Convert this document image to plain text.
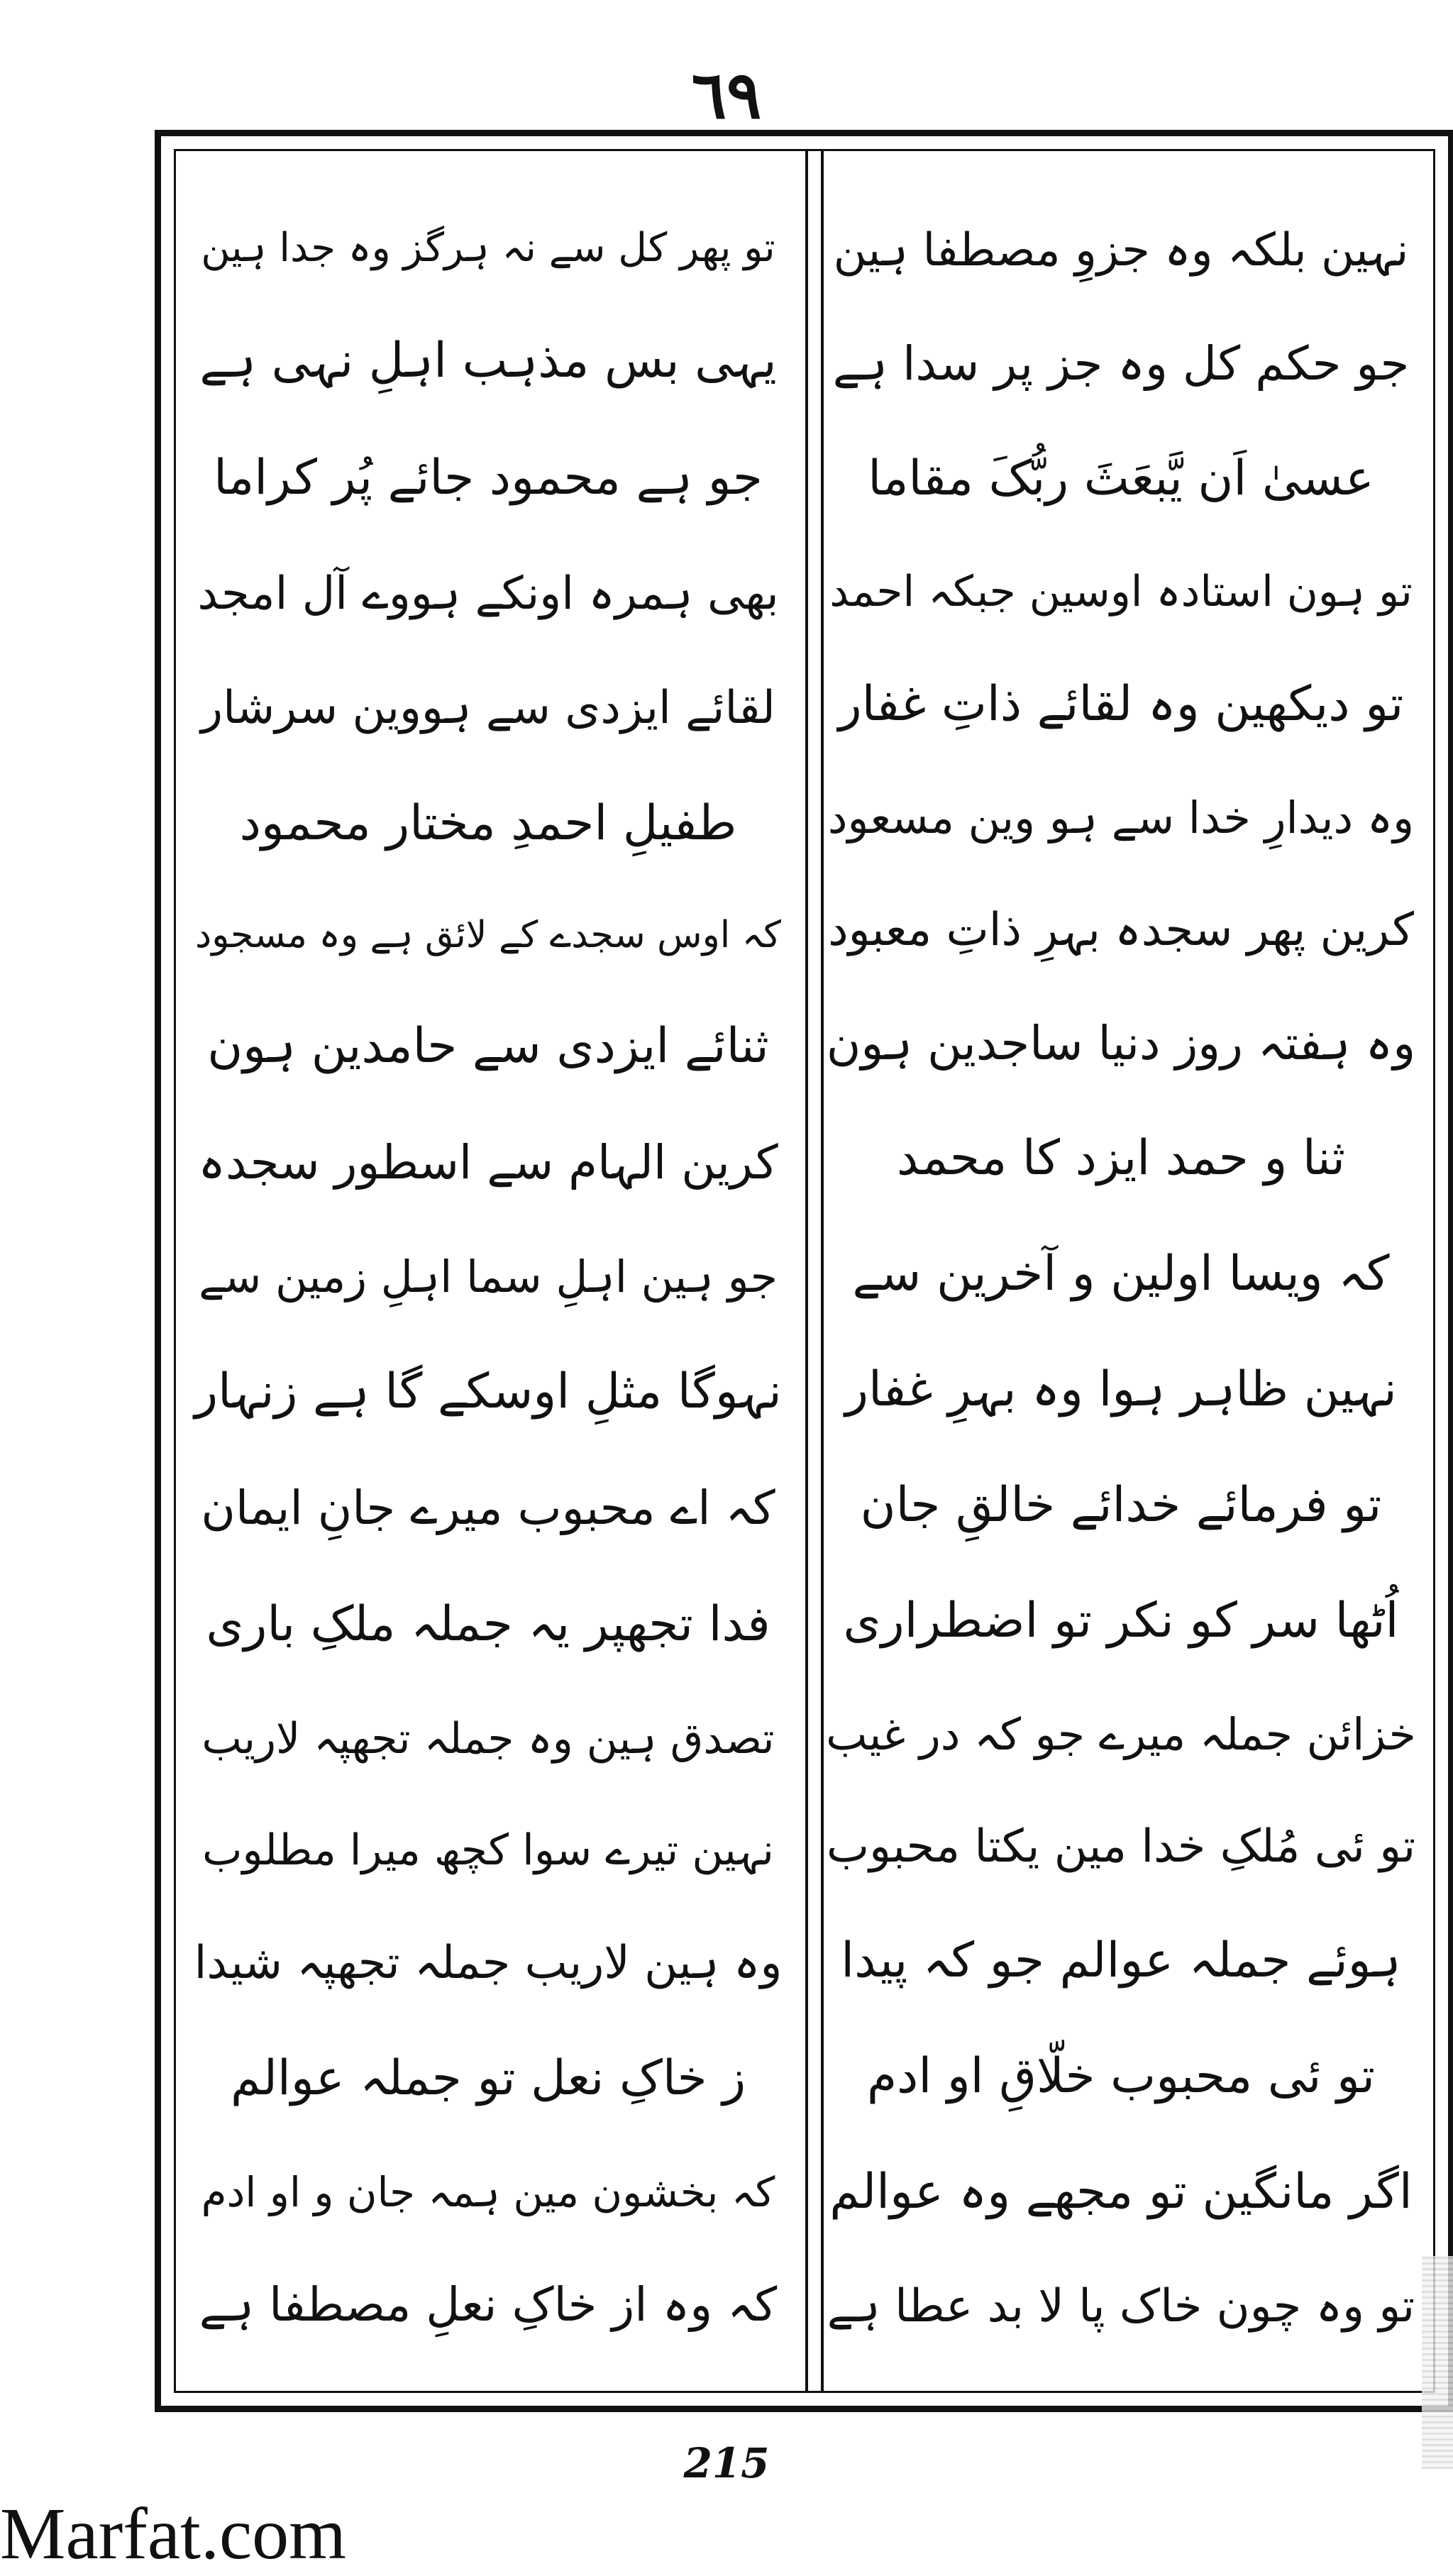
٦٩
نہین بلکہ وہ جزوِ مصطفا ہین
جو حکم کل وہ جز پر سدا ہے
عسیٰ اَن یَّبعَثَ ربُّکَ مقاما
تو ہون استادہ اوسین جبکہ احمد
تو دیکھین وہ لقائے ذاتِ غفار
وہ دیدارِ خدا سے ہو وین مسعود
کرین پھر سجدہ بہرِ ذاتِ معبود
وہ ہفتہ روز دنیا ساجدین ہون
ثنا و حمد ایزد کا محمد
کہ ویسا اولین و آخرین سے
نہین ظاہر ہوا وہ بہرِ غفار
تو فرمائے خدائے خالقِ جان
اُٹھا سر کو نکر تو اضطراری
خزائن جملہ میرے جو کہ در غیب
تو ئی مُلکِ خدا مین یکتا محبوب
ہوئے جملہ عوالم جو کہ پیدا
تو ئی محبوب خلّاقِ او ادم
اگر مانگین تو مجھے وہ عوالم
تو وہ چون خاک پا لا بد عطا ہے
تو پھر کل سے نہ ہرگز وہ جدا ہین
یہی بس مذہب اہلِ نہی ہے
جو ہے محمود جائے پُر کراما
بھی ہمرہ اونکے ہووے آل امجد
لقائے ایزدی سے ہووین سرشار
طفیلِ احمدِ مختار محمود
کہ اوس سجدے کے لائق ہے وہ مسجود
ثنائے ایزدی سے حامدین ہون
کرین الہام سے اسطور سجدہ
جو ہین اہلِ سما اہلِ زمین سے
نہوگا مثلِ اوسکے گا ہے زنہار
کہ اے محبوب میرے جانِ ایمان
فدا تجھپر یہ جملہ ملکِ باری
تصدق ہین وہ جملہ تجھپہ لاریب
نہین تیرے سوا کچھ میرا مطلوب
وہ ہین لاریب جملہ تجھپہ شیدا
ز خاکِ نعل تو جملہ عوالم
کہ بخشون مین ہمہ جان و او ادم
کہ وہ از خاکِ نعلِ مصطفا ہے
215
Marfat.com
